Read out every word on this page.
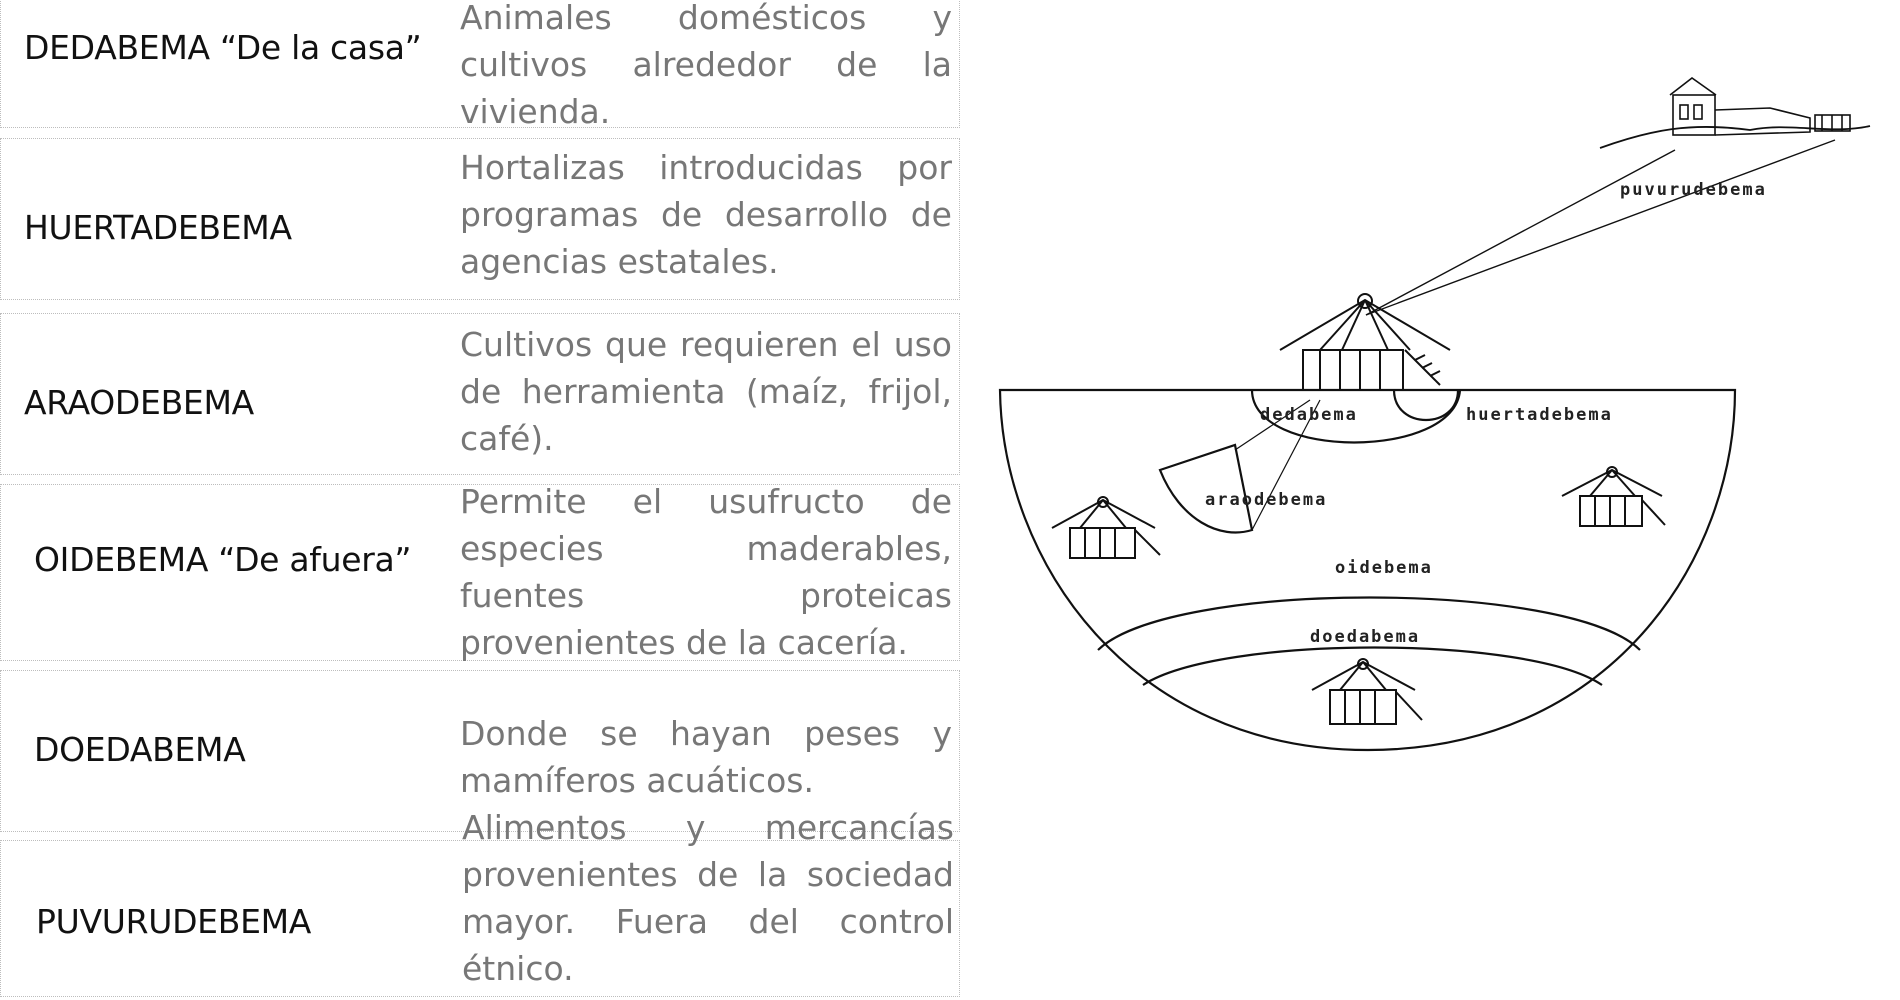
DEDABEMA “De la casa”
Animales domésticos y cultivos alrededor de la vivienda.
HUERTADEBEMA
Hortalizas introducidas por programas de desarrollo de agencias estatales.
ARAODEBEMA
Cultivos que requieren el uso de herramienta (maíz, frijol, café).
OIDEBEMA “De afuera”
Permite el usufructo de especies maderables, fuentes proteicas provenientes de la cacería.
DOEDABEMA	Donde se hayan peses y mamíferos acuáticos.
PUVURUDEBEMA
Alimentos y mercancías provenientes de la sociedad mayor. Fuera del control étnico.
puvurudebema
dedabema	huertadebema
araodebema
oidebema
doedabema
